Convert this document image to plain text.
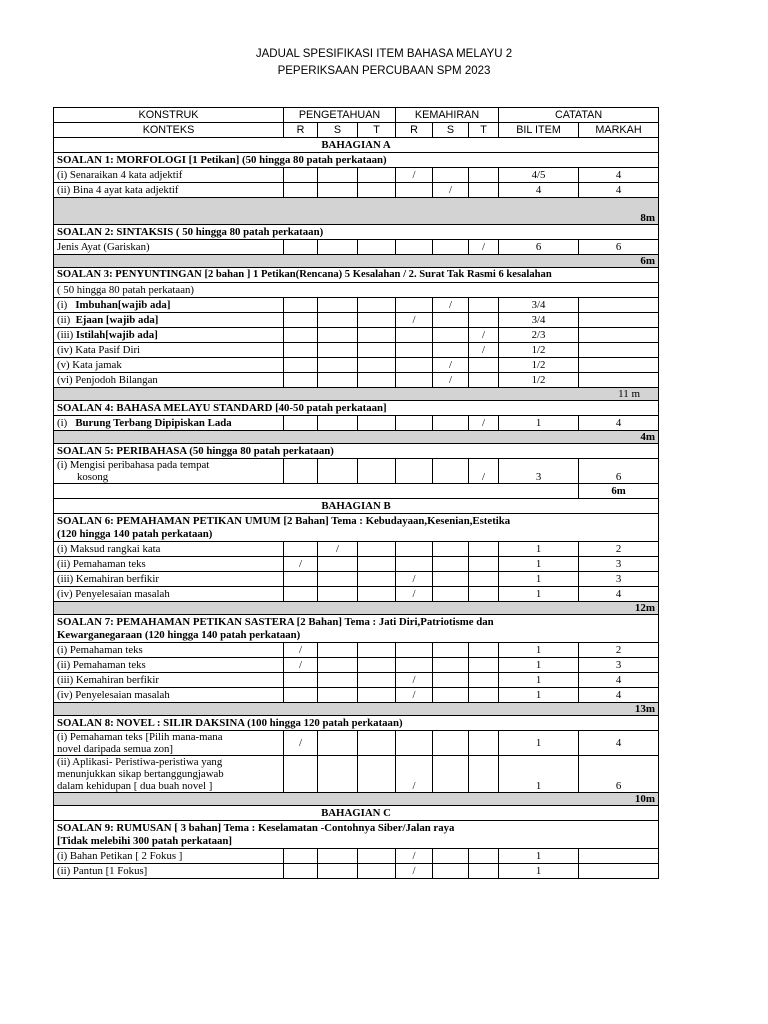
JADUAL SPESIFIKASI ITEM BAHASA MELAYU 2
PEPERIKSAAN PERCUBAAN SPM 2023
KONSTRUK	PENGETAHUAN			KEMAHIRAN			CATATAN	
KONTEKS	R	S	T	R	S	T	BIL ITEM	MARKAH
BAHAGIAN A								
SOALAN 1: MORFOLOGI [1 Petikan] (50 hingga 80 patah perkataan)								
(i) Senaraikan 4 kata adjektif				/			4/5	4
(ii) Bina 4 ayat kata adjektif					/		4	4
8m								
SOALAN 2: SINTAKSIS ( 50 hingga 80 patah perkataan)								
Jenis Ayat (Gariskan)						/	6	6
6m								
SOALAN 3: PENYUNTINGAN [2 bahan ] 1 Petikan(Rencana) 5 Kesalahan / 2. Surat Tak Rasmi 6 kesalahan								
( 50 hingga 80 patah perkataan)								
(i) Imbuhan[wajib ada]					/		3/4	
(ii) Ejaan [wajib ada]				/			3/4	
(iii) Istilah[wajib ada]						/	2/3	
(iv) Kata Pasif Diri						/	1/2	
(v) Kata jamak					/		1/2	
(vi) Penjodoh Bilangan					/		1/2	
11 m								
SOALAN 4: BAHASA MELAYU STANDARD [40-50 patah perkataan]								
(i) Burung Terbang Dipipiskan Lada						/	1	4
4m								
SOALAN 5: PERIBAHASA (50 hingga 80 patah perkataan)								

(i) Mengisi peribahasa pada tempat
kosong						/	3	6
								6m
BAHAGIAN B								

SOALAN 6: PEMAHAMAN PETIKAN UMUM [2 Bahan] Tema : Kebudayaan,Kesenian,Estetika
(120 hingga 140 patah perkataan)								

(i) Maksud rangkai kata		/					1	2
(ii) Pemahaman teks	/						1	3
(iii) Kemahiran berfikir				/			1	3
(iv) Penyelesaian masalah				/			1	4
12m								

SOALAN 7: PEMAHAMAN PETIKAN SASTERA [2 Bahan] Tema : Jati Diri,Patriotisme dan
Kewarganegaraan (120 hingga 140 patah perkataan)								

(i) Pemahaman teks	/						1	2
(ii) Pemahaman teks	/						1	3
(iii) Kemahiran berfikir				/			1	4
(iv) Penyelesaian masalah				/			1	4
13m								
SOALAN 8: NOVEL : SILIR DAKSINA (100 hingga 120 patah perkataan)								

(i) Pemahaman teks [Pilih mana-mana
novel daripada semua zon]	/						1	4

(ii) Aplikasi- Peristiwa-peristiwa yang
menunjukkan sikap bertanggungjawab
dalam kehidupan [ dua buah novel ]				/			1	6
10m								
BAHAGIAN C								

SOALAN 9: RUMUSAN [ 3 bahan] Tema : Keselamatan -Contohnya Siber/Jalan raya
[Tidak melebihi 300 patah perkataan]								

(i) Bahan Petikan [ 2 Fokus ]				/			1	
(ii) Pantun [1 Fokus]				/			1	
